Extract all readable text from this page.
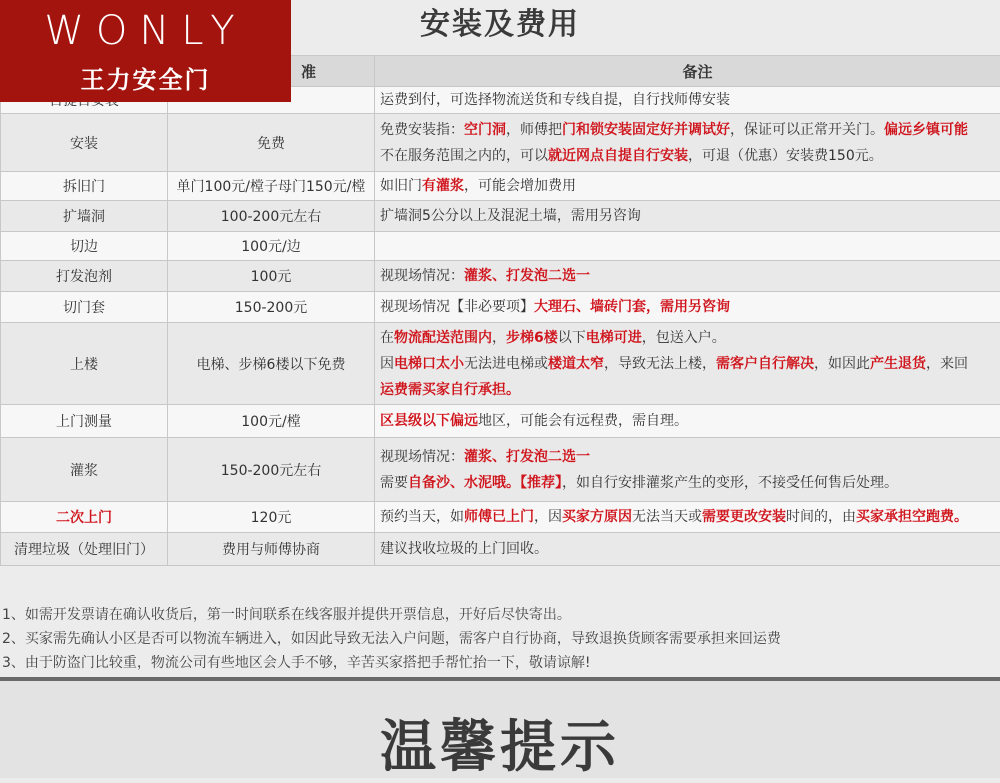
安装及费用
WONLY
王力安全门
		准	备注

运费到付，可选择物流送货和专线自提，自行找师傅安装

安装	免费	免费安装指：空门洞，师傅把门和锁安装固定好并调试好，保证可以正常开关门。偏远乡镇可能
不在服务范围之内的，可以就近网点自提自行安装，可退（优惠）安装费150元。

拆旧门	单门100元/樘子母门150元/樘	如旧门有灌浆，可能会增加费用

扩墙洞	100-200元左右	扩墙洞5公分以上及混泥土墙，需用另咨询

切边	100元/边	
打发泡剂	100元	视现场情况：灌浆、打发泡二选一

切门套	150-200元	视现场情况【非必要项】大理石、墙砖门套，需用另咨询

上楼	电梯、步梯6楼以下免费	在物流配送范围内，步梯6楼以下电梯可进，包送入户。
因电梯口太小无法进电梯或楼道太窄，导致无法上楼，需客户自行解决，如因此产生退货，来回
运费需买家自行承担。

上门测量	100元/樘	区县级以下偏远地区，可能会有远程费，需自理。

灌浆	150-200元左右	视现场情况：灌浆、打发泡二选一
需要自备沙、水泥哦。【推荐】，如自行安排灌浆产生的变形，不接受任何售后处理。

二次上门	120元	预约当天，如师傅已上门，因买家方原因无法当天或需要更改安装时间的，由买家承担空跑费。

清理垃圾（处理旧门）	费用与师傅协商	建议找收垃圾的上门回收。
1、如需开发票请在确认收货后，第一时间联系在线客服并提供开票信息，开好后尽快寄出。
2、买家需先确认小区是否可以物流车辆进入，如因此导致无法入户问题，需客户自行协商，导致退换货顾客需要承担来回运费
3、由于防盗门比较重，物流公司有些地区会人手不够，辛苦买家搭把手帮忙抬一下，敬请谅解!
温馨提示
